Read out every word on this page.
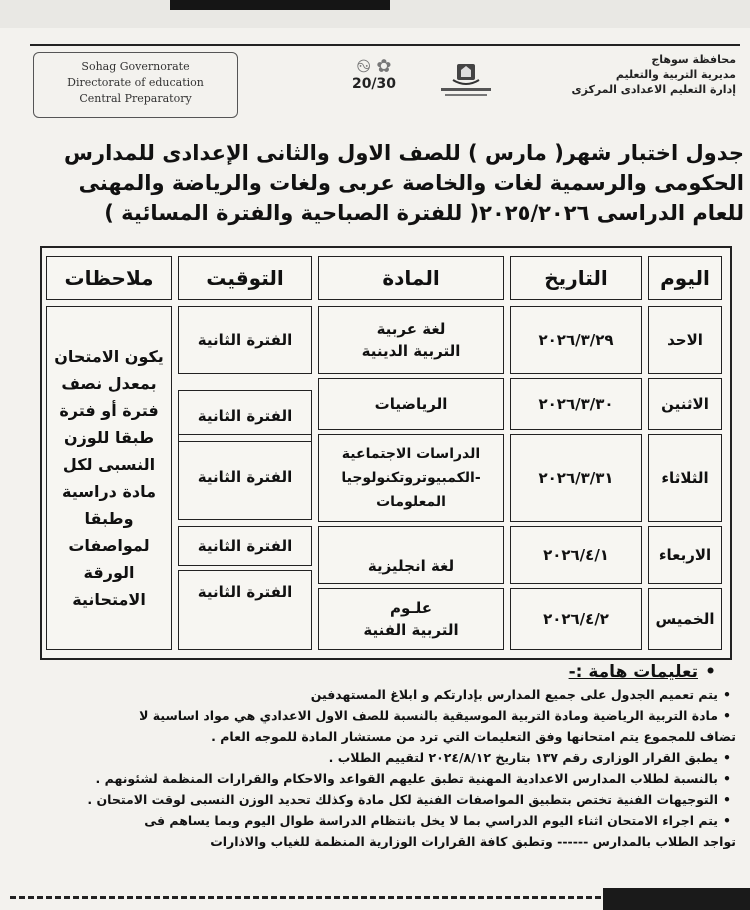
Sohag Governorate
Directorate of education
Central Preparatory
࿊ ✿
20/30
محافظة سوهاج
مديرية التربية والتعليم
إدارة التعليم الاعدادى المركزى
جدول اختبار شهر( مارس ) للصف الاول والثانى الإعدادى للمدارس
الحكومى والرسمية لغات والخاصة عربى ولغات والرياضة والمهنى
للعام الدراسى ٢٠٢٥/٢٠٢٦( للفترة الصباحية والفترة المسائية )
اليوم
التاريخ
المادة
التوقيت
ملاحظات
الاحد
٢٠٢٦/٣/٢٩
لغة عربية
التربية الدينية
الفترة الثانية
الاثنين
٢٠٢٦/٣/٣٠
الرياضيات
الفترة الثانية
الثلاثاء
٢٠٢٦/٣/٣١
الدراسات الاجتماعية
-الكمبيوتروتكنولوجيا
المعلومات
الفترة الثانية
الاربعاء
٢٠٢٦/٤/١
لغة انجليزية
الفترة الثانية
الخميس
٢٠٢٦/٤/٢
علـوم
التربية الفنية
الفترة الثانية
يكون الامتحان
بمعدل نصف
فترة أو فترة
طبقا للوزن
النسبى لكل
مادة دراسية
وطبقا
لمواصفات
الورقة
الامتحانية
•تعليمات هامة :-
•يتم تعميم الجدول على جميع المدارس بإدارتكم و ابلاغ المستهدفين
•مادة التربية الرياضية ومادة التربية الموسيقية بالنسبة للصف الاول الاعدادي هي مواد اساسية لا
تضاف للمجموع يتم امتحانها وفق التعليمات التي ترد من مستشار المادة للموجه العام .
•يطبق القرار الوزارى رقم ١٣٧ بتاريخ ٢٠٢٤/٨/١٢ لتقييم الطلاب .
•بالنسبة لطلاب المدارس الاعدادية المهنية تطبق عليهم القواعد والاحكام والقرارات المنظمة لشئونهم .
•التوجيهات الفنية تختص بتطبيق المواصفات الفنية لكل مادة وكذلك تحديد الوزن النسبى لوقت الامتحان .
•يتم اجراء الامتحان اثناء اليوم الدراسي بما لا يخل بانتظام الدراسة طوال اليوم وبما يساهم فى
تواجد الطلاب بالمدارس ------ وتطبق كافة القرارات الوزارية المنظمة للغياب والاذارات
